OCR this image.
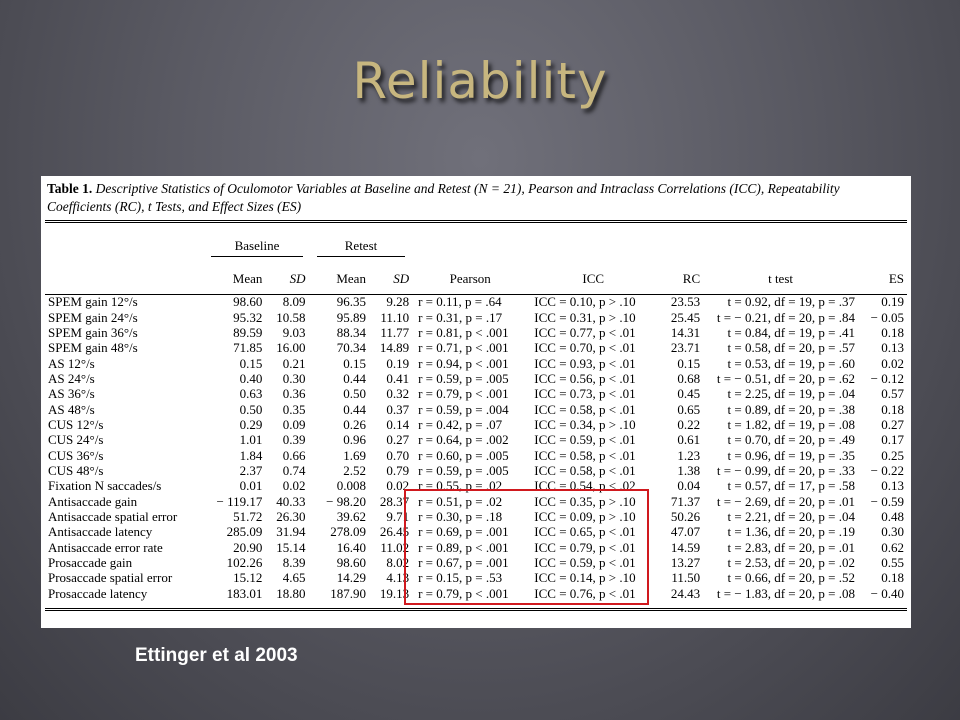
Reliability
Table 1. Descriptive Statistics of Oculomotor Variables at Baseline and Retest (N = 21), Pearson and Intraclass Correlations (ICC), Repeatability Coefficients (RC), t Tests, and Effect Sizes (ES)
Baseline	Retest
	Mean	SD	Mean	SD	Pearson	ICC	RC	t test	ES
SPEM gain 12°/s	98.60	8.09	96.35	9.28	r = 0.11, p = .64	ICC = 0.10, p > .10	23.53	t = 0.92, df = 19, p = .37	0.19
SPEM gain 24°/s	95.32	10.58	95.89	11.10	r = 0.31, p = .17	ICC = 0.31, p > .10	25.45	t = − 0.21, df = 20, p = .84	− 0.05
SPEM gain 36°/s	89.59	9.03	88.34	11.77	r = 0.81, p < .001	ICC = 0.77, p < .01	14.31	t = 0.84, df = 19, p = .41	0.18
SPEM gain 48°/s	71.85	16.00	70.34	14.89	r = 0.71, p < .001	ICC = 0.70, p < .01	23.71	t = 0.58, df = 20, p = .57	0.13
AS 12°/s	0.15	0.21	0.15	0.19	r = 0.94, p < .001	ICC = 0.93, p < .01	0.15	t = 0.53, df = 19, p = .60	0.02
AS 24°/s	0.40	0.30	0.44	0.41	r = 0.59, p = .005	ICC = 0.56, p < .01	0.68	t = − 0.51, df = 20, p = .62	− 0.12
AS 36°/s	0.63	0.36	0.50	0.32	r = 0.79, p < .001	ICC = 0.73, p < .01	0.45	t = 2.25, df = 19, p = .04	0.57
AS 48°/s	0.50	0.35	0.44	0.37	r = 0.59, p = .004	ICC = 0.58, p < .01	0.65	t = 0.89, df = 20, p = .38	0.18
CUS 12°/s	0.29	0.09	0.26	0.14	r = 0.42, p = .07	ICC = 0.34, p > .10	0.22	t = 1.82, df = 19, p = .08	0.27
CUS 24°/s	1.01	0.39	0.96	0.27	r = 0.64, p = .002	ICC = 0.59, p < .01	0.61	t = 0.70, df = 20, p = .49	0.17
CUS 36°/s	1.84	0.66	1.69	0.70	r = 0.60, p = .005	ICC = 0.58, p < .01	1.23	t = 0.96, df = 19, p = .35	0.25
CUS 48°/s	2.37	0.74	2.52	0.79	r = 0.59, p = .005	ICC = 0.58, p < .01	1.38	t = − 0.99, df = 20, p = .33	− 0.22
Fixation N saccades/s	0.01	0.02	0.008	0.02	r = 0.55, p = .02	ICC = 0.54, p < .02	0.04	t = 0.57, df = 17, p = .58	0.13
Antisaccade gain	− 119.17	40.33	− 98.20	28.37	r = 0.51, p = .02	ICC = 0.35, p > .10	71.37	t = − 2.69, df = 20, p = .01	− 0.59
Antisaccade spatial error	51.72	26.30	39.62	9.71	r = 0.30, p = .18	ICC = 0.09, p > .10	50.26	t = 2.21, df = 20, p = .04	0.48
Antisaccade latency	285.09	31.94	278.09	26.45	r = 0.69, p = .001	ICC = 0.65, p < .01	47.07	t = 1.36, df = 20, p = .19	0.30
Antisaccade error rate	20.90	15.14	16.40	11.02	r = 0.89, p < .001	ICC = 0.79, p < .01	14.59	t = 2.83, df = 20, p = .01	0.62
Prosaccade gain	102.26	8.39	98.60	8.02	r = 0.67, p = .001	ICC = 0.59, p < .01	13.27	t = 2.53, df = 20, p = .02	0.55
Prosaccade spatial error	15.12	4.65	14.29	4.13	r = 0.15, p = .53	ICC = 0.14, p > .10	11.50	t = 0.66, df = 20, p = .52	0.18
Prosaccade latency	183.01	18.80	187.90	19.13	r = 0.79, p < .001	ICC = 0.76, p < .01	24.43	t = − 1.83, df = 20, p = .08	− 0.40
Ettinger et al 2003
